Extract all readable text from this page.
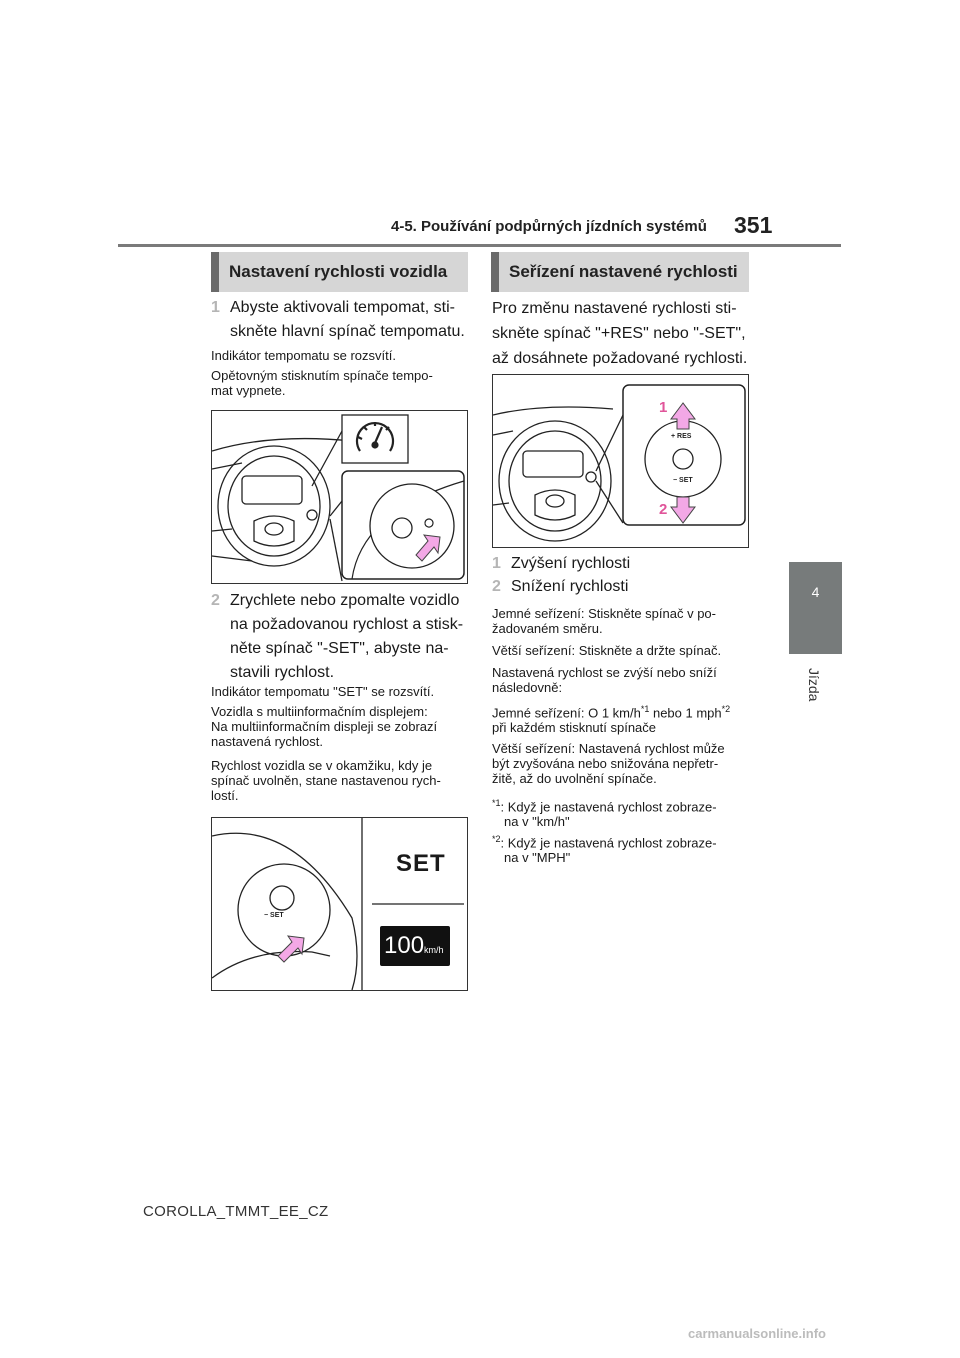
4-5. Používání podpůrných jízdních systémů 351
4
Jízda
Nastavení rychlosti vozidla
1 Abyste aktivovali tempomat, sti-
skněte hlavní spínač tempomatu.
Indikátor tempomatu se rozsvítí.
Opětovným stisknutím spínače tempo-
mat vypnete.
2 Zrychlete nebo zpomalte vozidlo
na požadovanou rychlost a stisk-
něte spínač "-SET", abyste na-
stavili rychlost.
Indikátor tempomatu "SET" se rozsvítí.
Vozidla s multiinformačním displejem:
Na multiinformačním displeji se zobrazí
nastavená rychlost.
Rychlost vozidla se v okamžiku, kdy je
spínač uvolněn, stane nastavenou rych-
lostí.
− SET
SET
100km/h
Seřízení nastavené rychlosti
Pro změnu nastavené rychlosti sti-
skněte spínač "+RES" nebo "-SET",
až dosáhnete požadované rychlosti.
+ RES
− SET
1
2
1 Zvýšení rychlosti
2 Snížení rychlosti
Jemné seřízení: Stiskněte spínač v po-
žadovaném směru.
Větší seřízení: Stiskněte a držte spínač.
Nastavená rychlost se zvýší nebo sníží
následovně:
Jemné seřízení: O 1 $km/h^{*1}$ nebo 1 mph$^{*2}$
při každém stisknutí spínače
Větší seřízení: Nastavená rychlost může
být zvyšována nebo snižována nepřetr-
žitě, až do uvolnění spínače.
$^{*1}$: Když je nastavená rychlost zobraze-
na v "km/h"
$^{*2}$: Když je nastavená rychlost zobraze-
na v "MPH"
COROLLA_TMMT_EE_CZ
carmanualsonline.info
